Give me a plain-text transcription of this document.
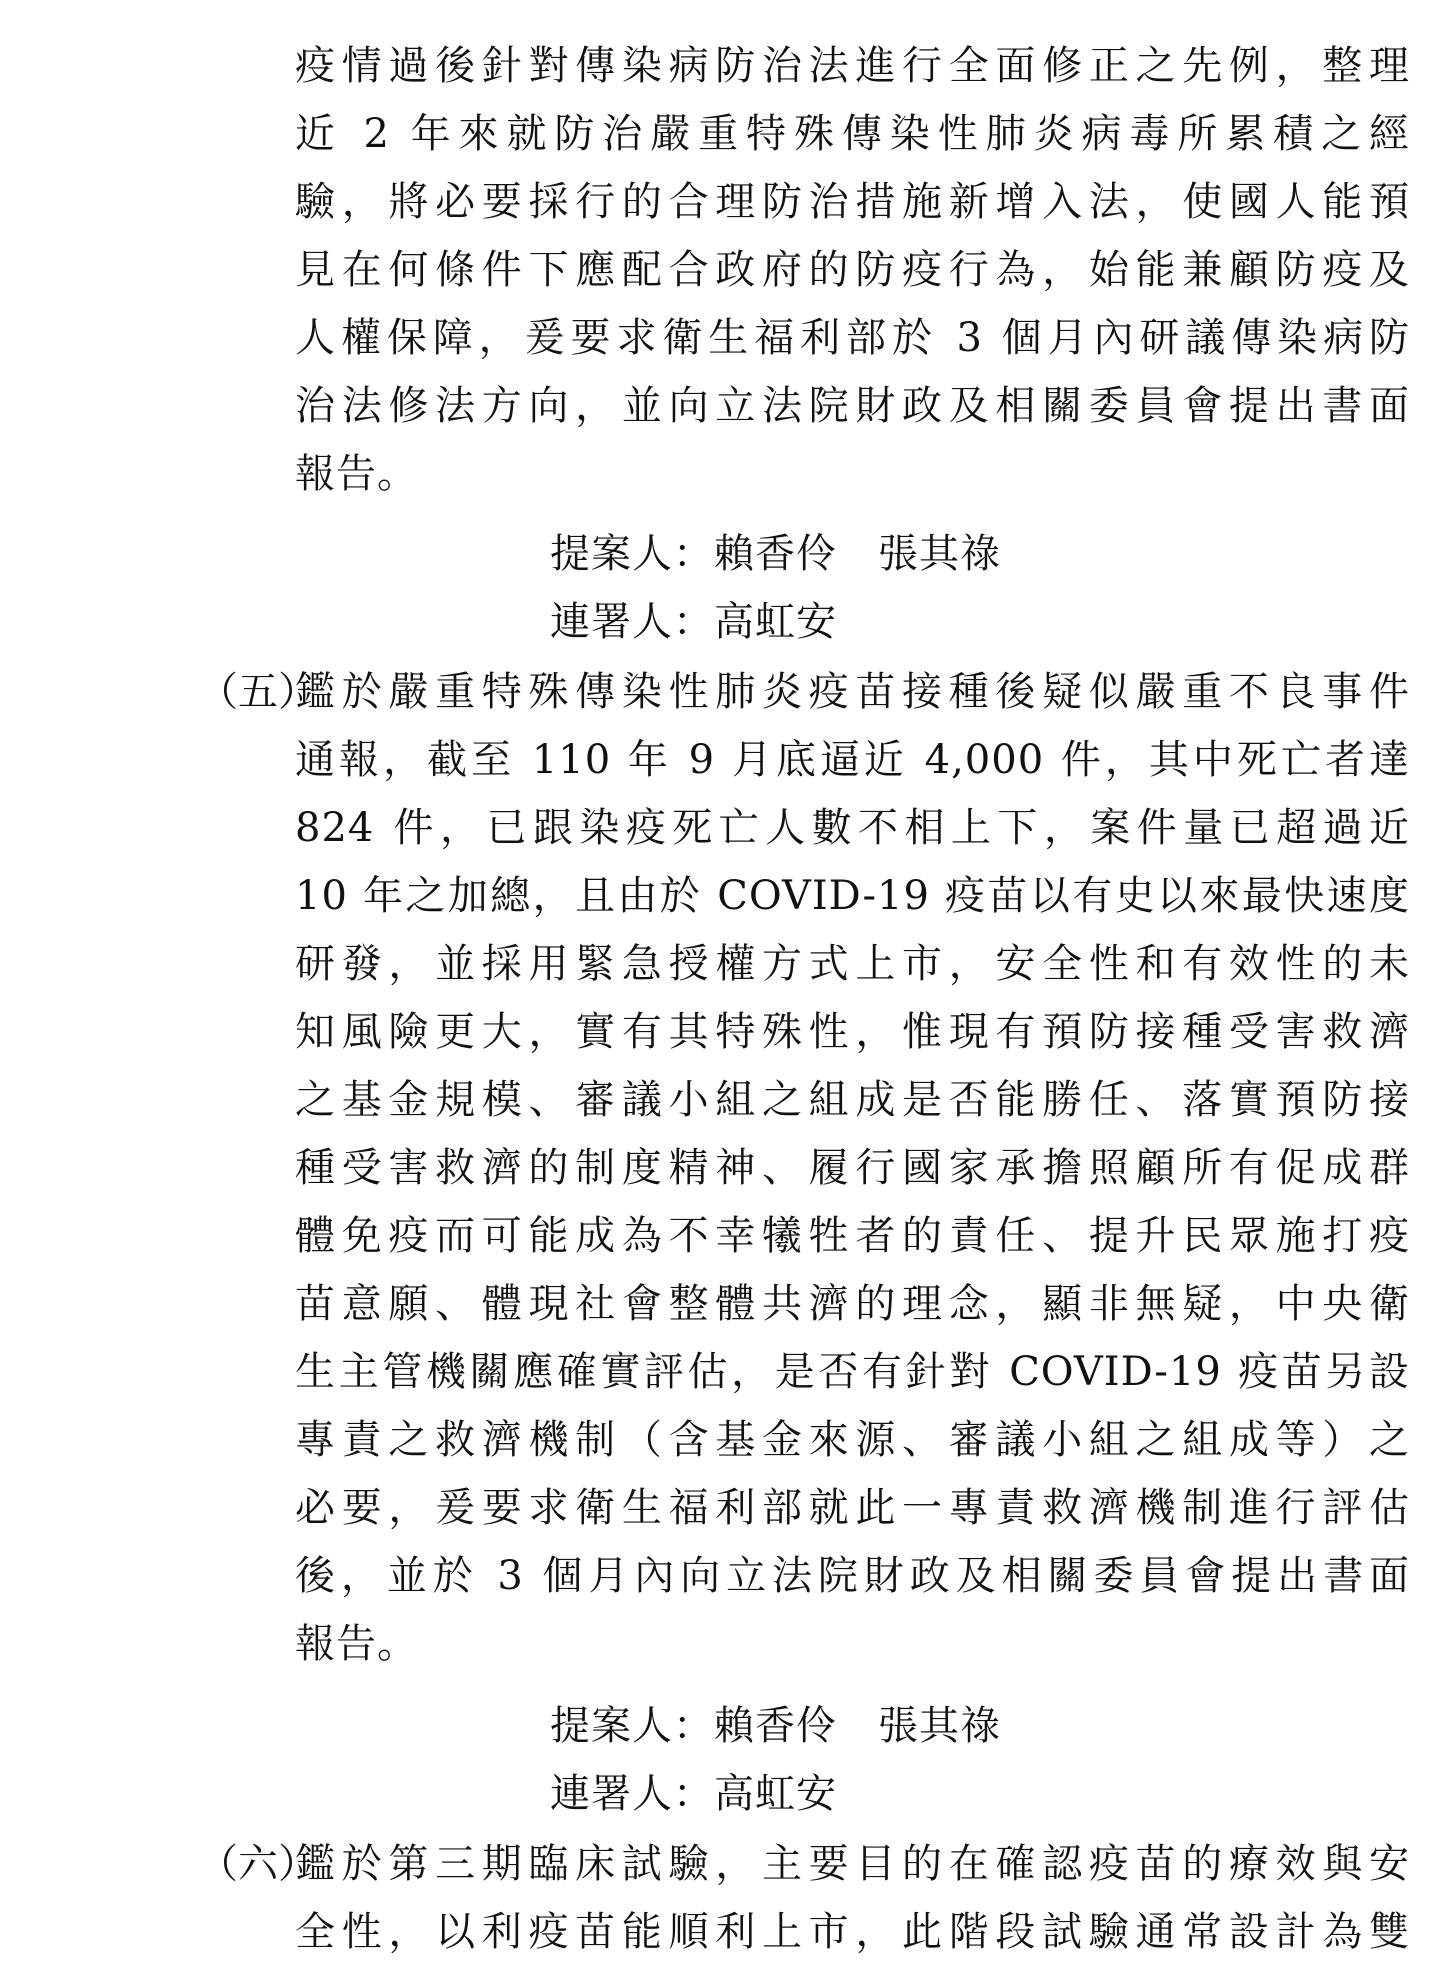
疫情過後針對傳染病防治法進行全面修正之先例，整理
近 2 年來就防治嚴重特殊傳染性肺炎病毒所累積之經
驗，將必要採行的合理防治措施新增入法，使國人能預
見在何條件下應配合政府的防疫行為，始能兼顧防疫及
人權保障，爰要求衛生福利部於 3 個月內研議傳染病防
治法修法方向，並向立法院財政及相關委員會提出書面
報告。
提案人：賴香伶　張其祿
連署人：高虹安
（五）
鑑於嚴重特殊傳染性肺炎疫苗接種後疑似嚴重不良事件
通報，截至 110 年 9 月底逼近 4,000 件，其中死亡者達
824 件，已跟染疫死亡人數不相上下，案件量已超過近
10 年之加總，且由於 COVID-19 疫苗以有史以來最快速度
研發，並採用緊急授權方式上市，安全性和有效性的未
知風險更大，實有其特殊性，惟現有預防接種受害救濟
之基金規模、審議小組之組成是否能勝任、落實預防接
種受害救濟的制度精神、履行國家承擔照顧所有促成群
體免疫而可能成為不幸犧牲者的責任、提升民眾施打疫
苗意願、體現社會整體共濟的理念，顯非無疑，中央衛
生主管機關應確實評估，是否有針對 COVID-19 疫苗另設
專責之救濟機制（含基金來源、審議小組之組成等）之
必要，爰要求衛生福利部就此一專責救濟機制進行評估
後，並於 3 個月內向立法院財政及相關委員會提出書面
報告。
提案人：賴香伶　張其祿
連署人：高虹安
（六）
鑑於第三期臨床試驗，主要目的在確認疫苗的療效與安
全性，以利疫苗能順利上市，此階段試驗通常設計為雙
